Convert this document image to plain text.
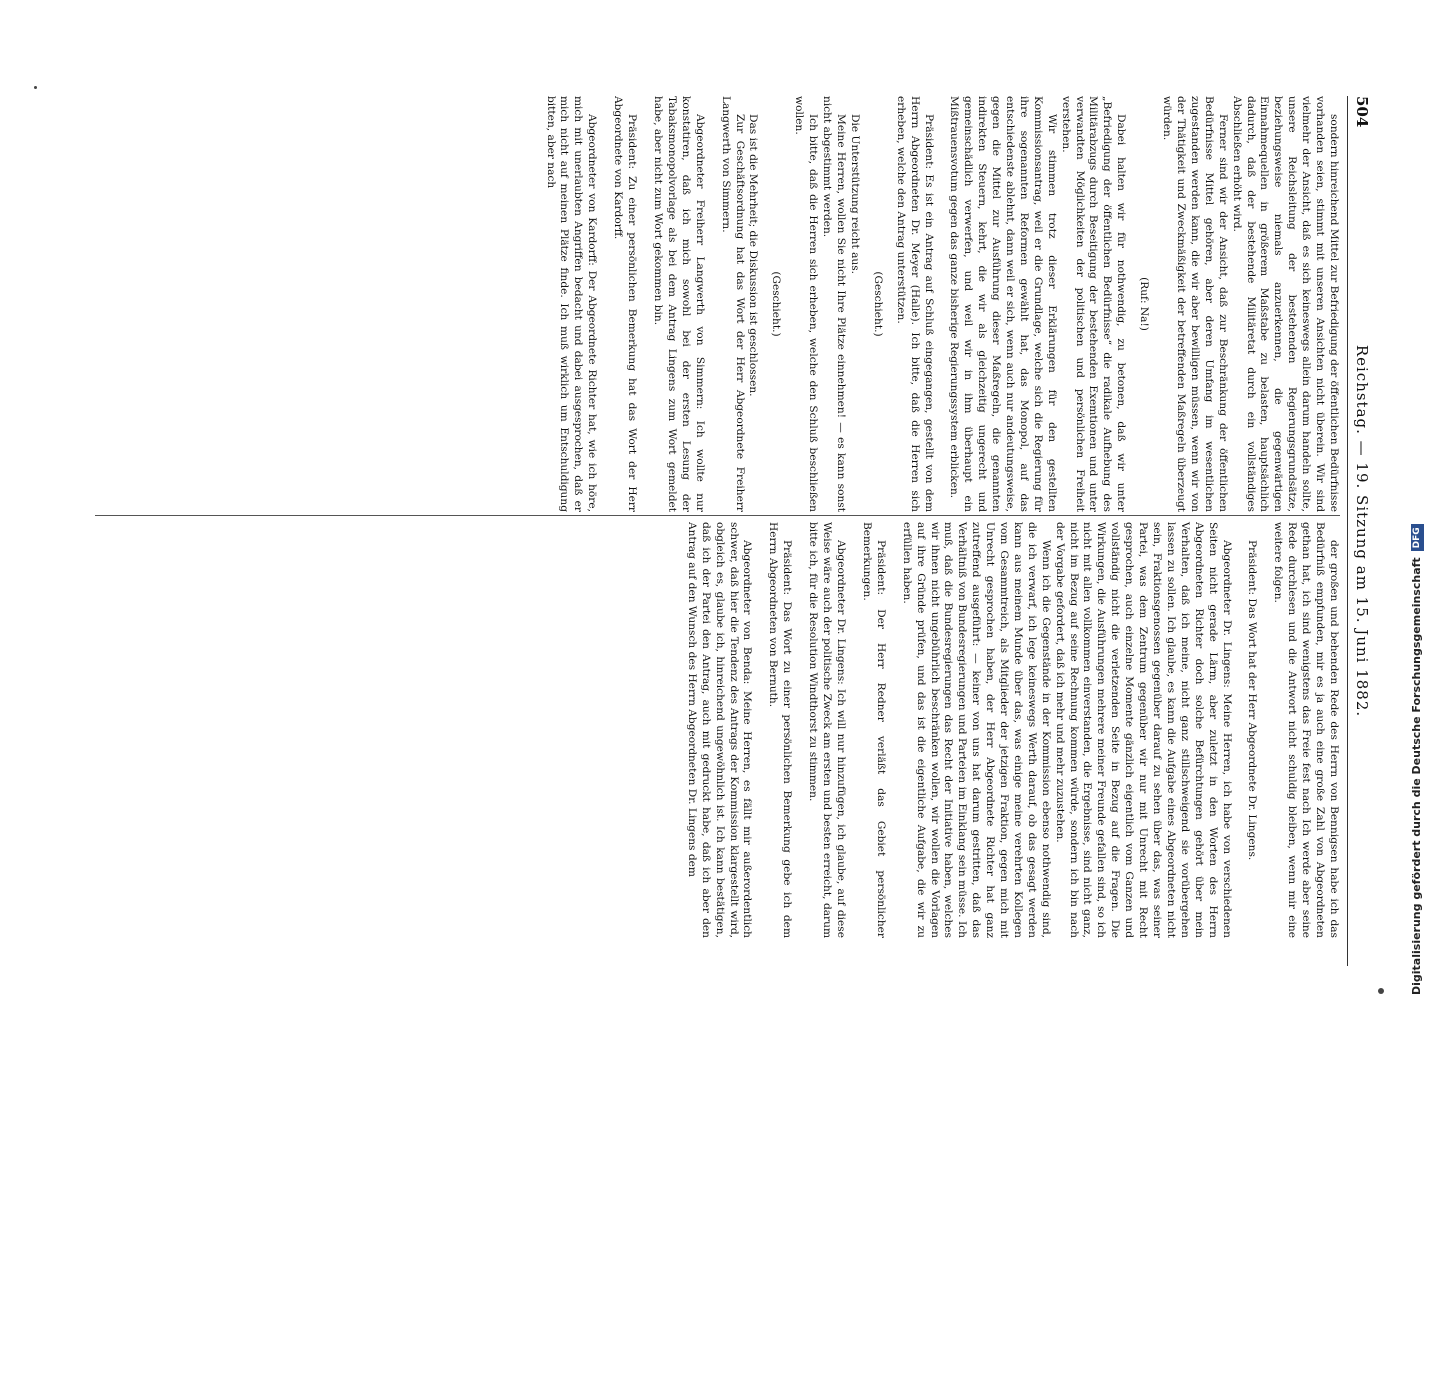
504
Reichstag. — 19. Sitzung am 15. Juni 1882.

sondern hinreichend Mittel zur Befriedigung der öffentlichen Bedürfnisse vorhanden seien, stimmt mit unseren Ansichten nicht überein. Wir sind vielmehr der Ansicht, daß es sich keineswegs allein darum handeln sollte, unsere Reichsleitung der bestehenden Regierungsgrundsätze, beziehungsweise niemals anzuerkennen, die gegenwärtigen Einnahmequellen in größerem Maßstabe zu belasten, hauptsächlich dadurch, daß der bestehende Militäretat durch ein vollständiges Abschließen erhöht wird.

Ferner sind wir der Ansicht, daß zur Beschränkung der öffentlichen Bedürfnisse Mittel gehören, aber deren Umfang im wesentlichen zugestanden werden kann, die wir aber bewilligen müssen, wenn wir von der Thätigkeit und Zweckmäßigkeit der betreffenden Maßregeln überzeugt würden.

(Ruf: Na!)

Dabei halten wir für nothwendig, zu betonen, daß wir unter „Befriedigung der öffentlichen Bedürfnisse“ die radikale Aufhebung des Militärabzugs durch Beseitigung der bestehenden Exemtionen und unter verwandten Möglichkeiten der politischen und persönlichen Freiheit verstehen.

Wir stimmen trotz dieser Erklärungen für den gestellten Kommissionsantrag, weil er die Grundlage, welche sich die Regierung für ihre sogenannten Reformen gewählt hat, das Monopol, auf das entschiedenste ablehnt, dann weil er sich, wenn auch nur andeutungsweise, gegen die Mittel zur Ausführung dieser Maßregeln, die genannten indirekten Steuern, kehrt, die wir als gleichzeitig ungerecht und gemeinschädlich verwerfen, und weil wir in ihm überhaupt ein Mißtrauensvotum gegen das ganze bisherige Regierungssystem erblicken.

Präsident: Es ist ein Antrag auf Schluß eingegangen, gestellt von dem Herrn Abgeordneten Dr. Meyer (Halle). Ich bitte, daß die Herren sich erheben, welche den Antrag unterstützen.

(Geschieht.)

Die Unterstützung reicht aus.

Meine Herren, wollen Sie nicht Ihre Plätze einnehmen! — es kann sonst nicht abgestimmt werden.

Ich bitte, daß die Herren sich erheben, welche den Schluß beschließen wollen.

(Geschieht.)

Das ist die Mehrheit; die Diskussion ist geschlossen.

Zur Geschäftsordnung hat das Wort der Herr Abgeordnete Freiherr Langwerth von Simmern.

Abgeordneter Freiherr Langwerth von Simmern: Ich wollte nur konstatiren, daß ich mich sowohl bei der ersten Lesung der Tabaksmonopolvorlage als bei dem Antrag Lingens zum Wort gemeldet habe, aber nicht zum Wort gekommen bin.

Präsident: Zu einer persönlichen Bemerkung hat das Wort der Herr Abgeordnete von Kardorff.

Abgeordneter von Kardorff: Der Abgeordnete Richter hat, wie ich höre, mich mit unerlaubten Angriffen bedacht und dabei ausgesprochen, daß er mich nicht auf meinen Plätze finde. Ich muß wirklich um Entschuldigung bitten, aber nach

der großen und behenden Rede des Herrn von Bennigsen habe ich das Bedürfniß empfunden, mir es ja auch eine große Zahl von Abgeordneten gethan hat, ich sind wenigstens das Freie fest nach Ich werde aber seine Rede durchlesen und die Antwort nicht schuldig bleiben, wenn mir eine weitere folgen.

Präsident: Das Wort hat der Herr Abgeordnete Dr. Lingens.

Abgeordneter Dr. Lingens: Meine Herren, ich habe von verschiedenen Seiten nicht gerade Lärm, aber zuletzt in den Worten des Herrn Abgeordneten Richter doch solche Befürchtungen gehört über mein Verhalten, daß ich meine, nicht ganz stillschweigend sie vorübergehen lassen zu sollen. Ich glaube, es kann die Aufgabe eines Abgeordneten nicht sein, Fraktionsgenossen gegenüber darauf zu sehen über das, was seiner Partei, was dem Zentrum gegenüber wir nur mit Unrecht mit Recht gesprochen, auch einzelne Momente gänzlich eigentlich vom Ganzen und vollständig nicht die verletzenden Seite in Bezug auf die Fragen. Die Wirkungen, die Ausführungen mehrere meiner Freunde gefallen sind, so ich nicht mit allen vollkommen einverstanden, die Ergebnisse, sind nicht ganz, nicht im Bezug auf seine Rechnung kommen würde, sondern ich bin nach der Vorgabe gefordert, daß ich mehr und mehr zuzustehen.

Wenn ich die Gegenstände in der Kommission ebenso nothwendig sind, die ich verwarf, ich lege keineswegs Werth darauf, ob das gesagt werden kann aus meinem Munde über das, was einige meine verehrten Kollegen vom Gesammtreich, als Mitglieder der jetzigen Fraktion, gegen mich mit Unrecht gesprochen haben, der Herr Abgeordnete Richter hat ganz zutreffend ausgeführt: — keiner von uns hat darum gestritten, daß das Verhältniß von Bundesregierungen und Parteien im Einklang sein müsse. Ich muß, daß die Bundesregierungen das Recht der Initiative haben, welches wir ihnen nicht ungebührlich beschränken wollen, wir wollen die Vorlagen auf ihre Gründe prüfen, und das ist die eigentliche Aufgabe, die wir zu erfüllen haben.

Präsident: Der Herr Redner verläßt das Gebiet persönlicher Bemerkungen.

Abgeordneter Dr. Lingens: Ich will nur hinzufügen, ich glaube, auf diese Weise wäre auch der politische Zweck am ersten und besten erreicht, darum bitte ich, für die Resolution Windthorst zu stimmen.

Präsident: Das Wort zu einer persönlichen Bemerkung gebe ich dem Herrn Abgeordneten von Bernuth.

Abgeordneter von Benda: Meine Herren, es fällt mir außerordentlich schwer, daß hier die Tendenz des Antrags der Kommission klargestellt wird, obgleich es, glaube ich, hinreichend ungewöhnlich ist. Ich kann bestätigen, daß ich der Partei den Antrag, auch mit gedruckt habe, daß ich aber den Antrag auf den Wunsch des Herrn Abgeordneten Dr. Lingens dem	Digitalisierung gefördert durch die Deutsche ForschungsgemeinschaftDFG
